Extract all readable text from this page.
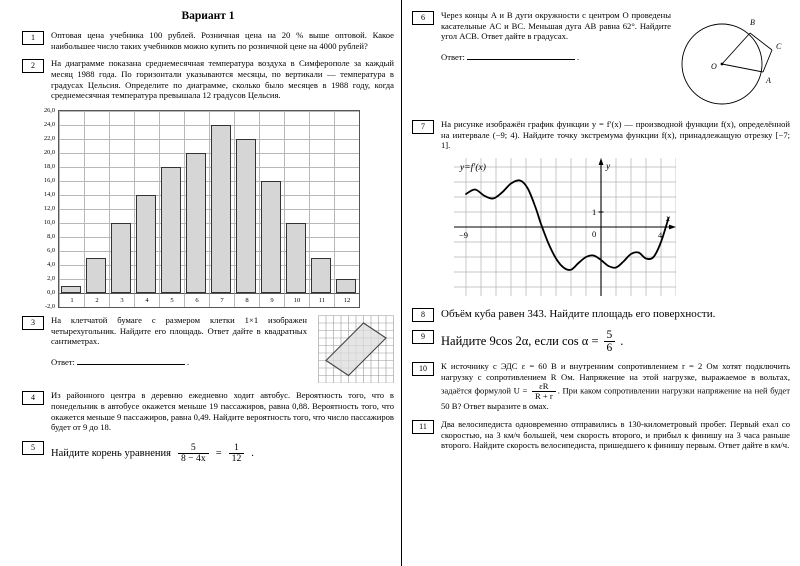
Вариант 1
1	Оптовая цена учебника 100 рублей. Розничная цена на 20 % выше оптовой. Какое наибольшее число таких учебников можно купить по розничной цене на 4000 рублей?
2	На диаграмме показана среднемесячная температура воздуха в Симферополе за каждый месяц 1988 года. По горизонтали указываются месяцы, по вертикали — температура в градусах Цельсия. Определите по диаграмме, сколько было месяцев в 1988 году, когда среднемесячная температура превышала 12 градусов Цельсия.
26,0
24,0
22,0
20,0
18,0
16,0
14,0
12,0
10,0
8,0
6,0
4,0
2,0
0,0
-2,0
1	2	3	4	5	6	7	8	9	10	11	12
3	На клетчатой бумаге с размером клетки 1×1 изображен четырехугольник. Найдите его площадь. Ответ дайте в квадратных сантиметрах.
Ответ:	.
4	Из районного центра в деревню ежедневно ходит автобус. Вероятность того, что в понедельник в автобусе окажется меньше 19 пассажиров, равна 0,88. Вероятность того, что окажется меньше 9 пассажиров, равна 0,49. Найдите вероятность того, что число пассажиров будет от 9 до 18.
5
Найдите корень уравнения $\frac{5}{8 - 4x} = \frac{1}{12}$ .
6	Через концы A и B дуги окружности с центром O проведены касательные AC и BC. Меньшая дуга AB равна 62°. Найдите угол ACB. Ответ дайте в градусах.
Ответ:	.
B
C
A
O
7	На рисунке изображён график функции y = f′(x) — производной функции f(x), определённой на интервале (−9; 4). Найдите точку экстремума функции f(x), принадлежащую отрезку [−7; 1].
y=f′(x)	y
x
−9	0	4
1
8	Объём куба равен 343. Найдите площадь его поверхности.
9	Найдите 9cos 2α, если $\cos \alpha = \frac{5}{6}$ .
10	К источнику с ЭДС ε = 60 В и внутренним сопротивлением r = 2 Ом хотят подключить нагрузку с сопротивлением R Ом. Напряжение на этой нагрузке, выражаемое в вольтах, задаётся формулой $U = \frac{\varepsilon R}{R + r}$ . При каком сопротивлении нагрузки напряжение на ней будет 50 В? Ответ выразите в омах.
11	Два велосипедиста одновременно отправились в 130-километровый пробег. Первый ехал со скоростью, на 3 км/ч большей, чем скорость второго, и прибыл к финишу на 3 часа раньше второго. Найдите скорость велосипедиста, пришедшего к финишу первым. Ответ дайте в км/ч.
